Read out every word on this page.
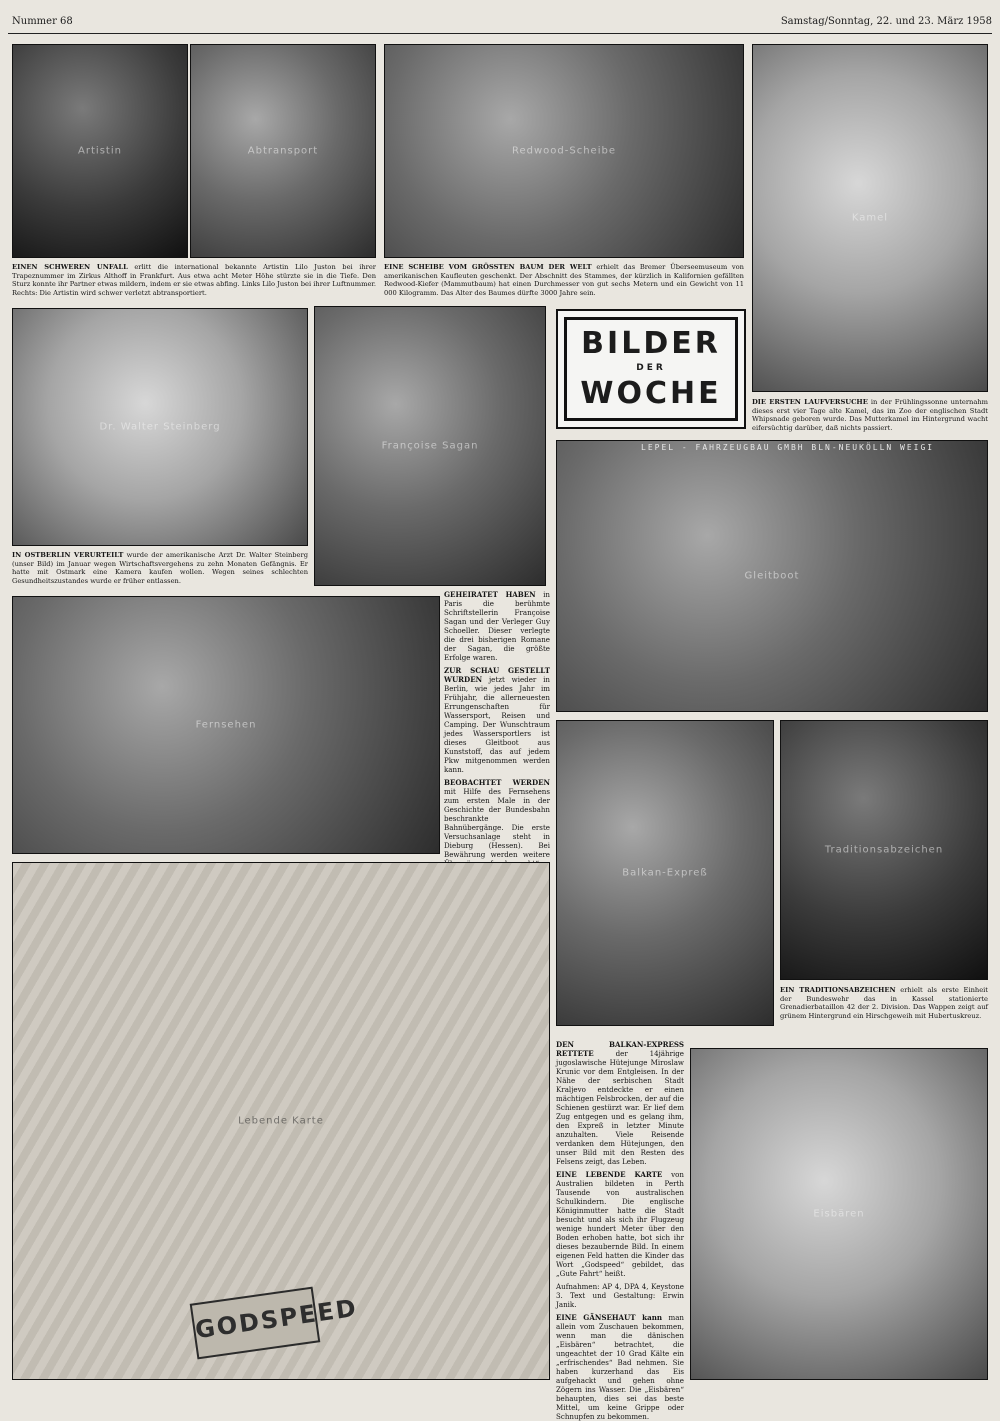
Nummer 68	Samstag/Sonntag, 22. und 23. März 1958
Artistin	Abtransport	Redwood-Scheibe
Kamel
EINEN SCHWEREN UNFALL erlitt die international bekannte Artistin Lilo Juston bei ihrer Trapeznummer im Zirkus Althoff in Frankfurt. Aus etwa acht Meter Höhe stürzte sie in die Tiefe. Den Sturz konnte ihr Partner etwas mildern, indem er sie etwas abfing. Links Lilo Juston bei ihrer Luftnummer. Rechts: Die Artistin wird schwer verletzt abtransportiert.
EINE SCHEIBE VOM GRÖSSTEN BAUM DER WELT erhielt das Bremer Überseemuseum von amerikanischen Kaufleuten geschenkt. Der Abschnitt des Stammes, der kürzlich in Kalifornien gefällten Redwood-Kiefer (Mammutbaum) hat einen Durchmesser von gut sechs Metern und ein Gewicht von 11 000 Kilogramm. Das Alter des Baumes dürfte 3000 Jahre sein.
Dr. Walter Steinberg
Françoise Sagan
BILDER
DER
WOCHE	DIE ERSTEN LAUFVERSUCHE in der Frühlingssonne unternahm dieses erst vier Tage alte Kamel, das im Zoo der englischen Stadt Whipsnade geboren wurde. Das Mutterkamel im Hintergrund wacht eifersüchtig darüber, daß nichts passiert.
IN OSTBERLIN VERURTEILT wurde der amerikanische Arzt Dr. Walter Steinberg (unser Bild) im Januar wegen Wirtschaftsvergehens zu zehn Monaten Gefängnis. Er hatte mit Ostmark eine Kamera kaufen wollen. Wegen seines schlechten Gesundheitszustandes wurde er früher entlassen.
LEPEL - FAHRZEUGBAU GMBH BLN-NEUKÖLLN WEIGI
Gleitboot
Fernsehen

GEHEIRATET HABEN in Paris die berühmte Schriftstellerin Françoise Sagan und der Verleger Guy Schoeller. Dieser verlegte die drei bisherigen Romane der Sagan, die größte Erfolge waren.

ZUR SCHAU GESTELLT WURDEN jetzt wieder in Berlin, wie jedes Jahr im Frühjahr, die allerneuesten Errungenschaften für Wassersport, Reisen und Camping. Der Wunschtraum jedes Wassersportlers ist dieses Gleitboot aus Kunststoff, das auf jedem Pkw mitgenommen werden kann.

BEOBACHTET WERDEN mit Hilfe des Fernsehens zum ersten Male in der Geschichte der Bundesbahn beschrankte Bahnübergänge. Die erste Versuchsanlage steht in Dieburg (Hessen). Bei Bewährung werden weitere

Balkan-Expreß
Traditionsabzeichen
EIN TRADITIONSABZEICHEN erhielt als erste Einheit der Bundeswehr das in Kassel stationierte Grenadierbataillon 42 der 2. Division. Das Wappen zeigt auf grünem Hintergrund ein Hirschgeweih mit Hubertuskreuz.
Lebende Karte
GODSPEED

DEN BALKAN-EXPRESS RETTETE	der 14jährige jugoslawische Hütejunge Miroslaw Krunic vor dem Entgleisen. In der Nähe der serbischen Stadt Kraljevo entdeckte er einen mächtigen Felsbrocken, der auf die Schienen gestürzt war. Er lief dem Zug entgegen und es gelang ihm, den Expreß in letzter Minute anzuhalten. Viele Reisende verdanken dem Hütejungen, den unser Bild mit den Resten des Felsens zeigt, das Leben.

EINE LEBENDE KARTE von Australien bildeten in Perth Tausende von australischen Schulkindern. Die englische Königinmutter hatte die Stadt besucht und als sich ihr Flugzeug wenige hundert Meter über den Boden erhoben hatte, bot sich ihr dieses bezaubernde Bild. In einem eigenen Feld hatten die Kinder das Wort „Godspeed“ gebildet, das „Gute Fahrt“ heißt.

Aufnahmen: AP 4, DPA 4, Keystone 3. Text und Gestaltung: Erwin Janik.

EINE GÄNSEHAUT kann man allein vom Zuschauen bekommen, wenn man die dänischen „Eisbären“ betrachtet, die ungeachtet der 10 Grad Kälte ein „erfrischendes“ Bad nehmen. Sie haben kurzerhand das Eis aufgehackt und gehen ohne Zögern ins Wasser. Die „Eisbären“ behaupten, dies sei das beste Mittel, um keine Grippe oder Schnupfen zu bekommen.

Eisbären
